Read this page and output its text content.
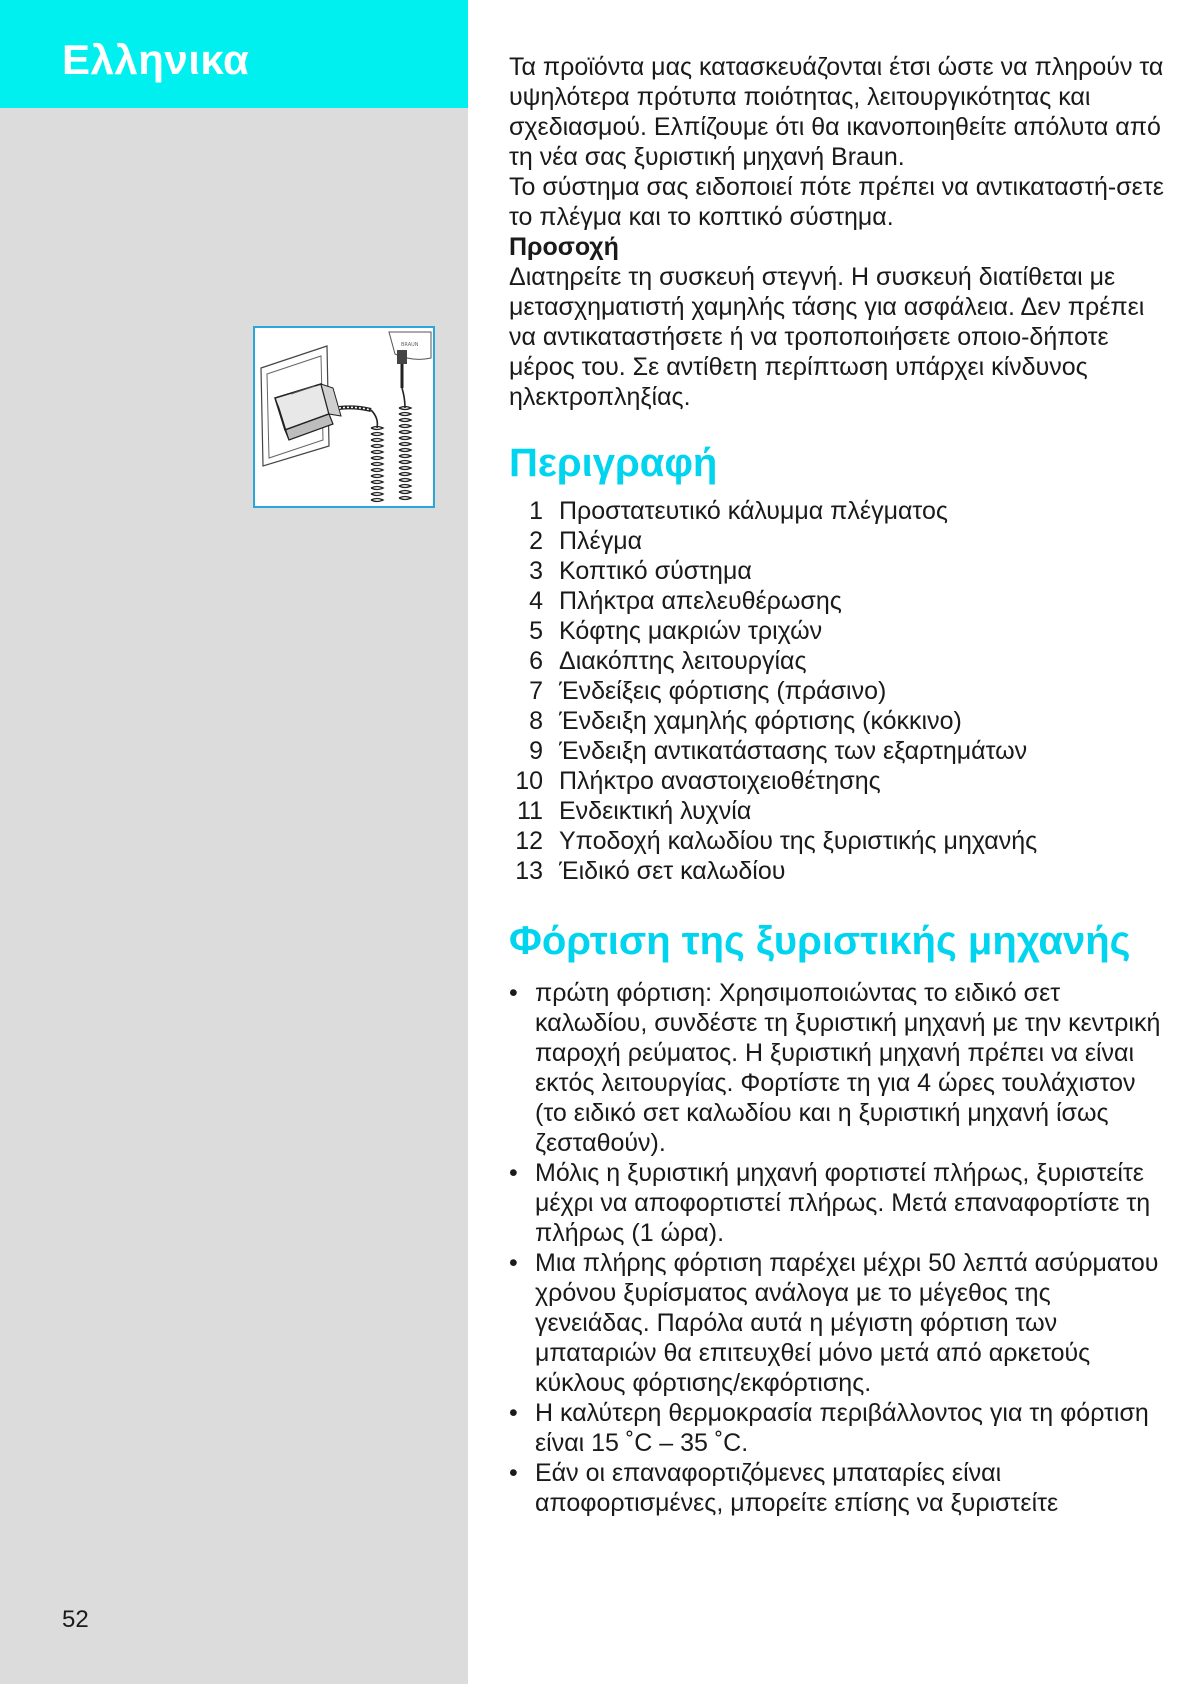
Ελληνικα
BRAUN
52

Τα προϊόντα μας κατασκευάζονται έτσι ώστε να πληρούν τα υψηλότερα πρότυπα ποιότητας, λειτουργικότητας και σχεδιασμού. Ελπίζουμε ότι θα ικανοποιηθείτε απόλυτα από τη νέα σας ξυριστική μηχανή Braun.

Το σύστημα σας ειδοποιεί πότε πρέπει να αντικαταστή-σετε το πλέγμα και το κοπτικό σύστημα.

Προσοχή

Διατηρείτε τη συσκευή στεγνή. Η συσκευή διατίθεται με μετασχηματιστή χαμηλής τάσης για ασφάλεια. Δεν πρέπει να αντικαταστήσετε ή να τροποποιήσετε οποιο-δήποτε μέρος του. Σε αντίθετη περίπτωση υπάρχει κίνδυνος ηλεκτροπληξίας.

Περιγραφή
1 Προστατευτικό κάλυμμα πλέγματος
2 Πλέγμα
3 Κοπτικό σύστημα
4 Πλήκτρα απελευθέρωσης
5 Κόφτης μακριών τριχών
6 Διακόπτης λειτουργίας
7 Ένδείξεις φόρτισης (πράσινο)
8 Ένδειξη χαμηλής φόρτισης (κόκκινο)
9 Ένδειξη αντικατάστασης των εξαρτημάτων
10 Πλήκτρο αναστοιχειοθέτησης
11 Ενδεικτική λυχνία
12 Υποδοχή καλωδίου της ξυριστικής μηχανής
13 Έιδικό σετ καλωδίου
Φόρτιση της ξυριστικής μηχανής
• πρώτη φόρτιση: Χρησιμοποιώντας το ειδικό σετ καλωδίου, συνδέστε τη ξυριστική μηχανή με την κεντρική παροχή ρεύματος. Η ξυριστική μηχανή πρέπει να είναι εκτός λειτουργίας. Φορτίστε τη για 4 ώρες τουλάχιστον (το ειδικό σετ καλωδίου και η ξυριστική μηχανή ίσως ζεσταθούν).
• Μόλις η ξυριστική μηχανή φορτιστεί πλήρως, ξυριστείτε μέχρι να αποφορτιστεί πλήρως. Μετά επαναφορτίστε τη πλήρως (1 ώρα).
• Μια πλήρης φόρτιση παρέχει μέχρι 50 λεπτά ασύρματου χρόνου ξυρίσματος ανάλογα με το μέγεθος της γενειάδας. Παρόλα αυτά η μέγιστη φόρτιση των μπαταριών θα επιτευχθεί μόνο μετά από αρκετούς κύκλους φόρτισης/εκφόρτισης.
• Η καλύτερη θερμοκρασία περιβάλλοντος για τη φόρτιση είναι 15 ˚C – 35 ˚C.
• Εάν οι επαναφορτιζόμενες μπαταρίες είναι αποφορτισμένες, μπορείτε επίσης να ξυριστείτε
